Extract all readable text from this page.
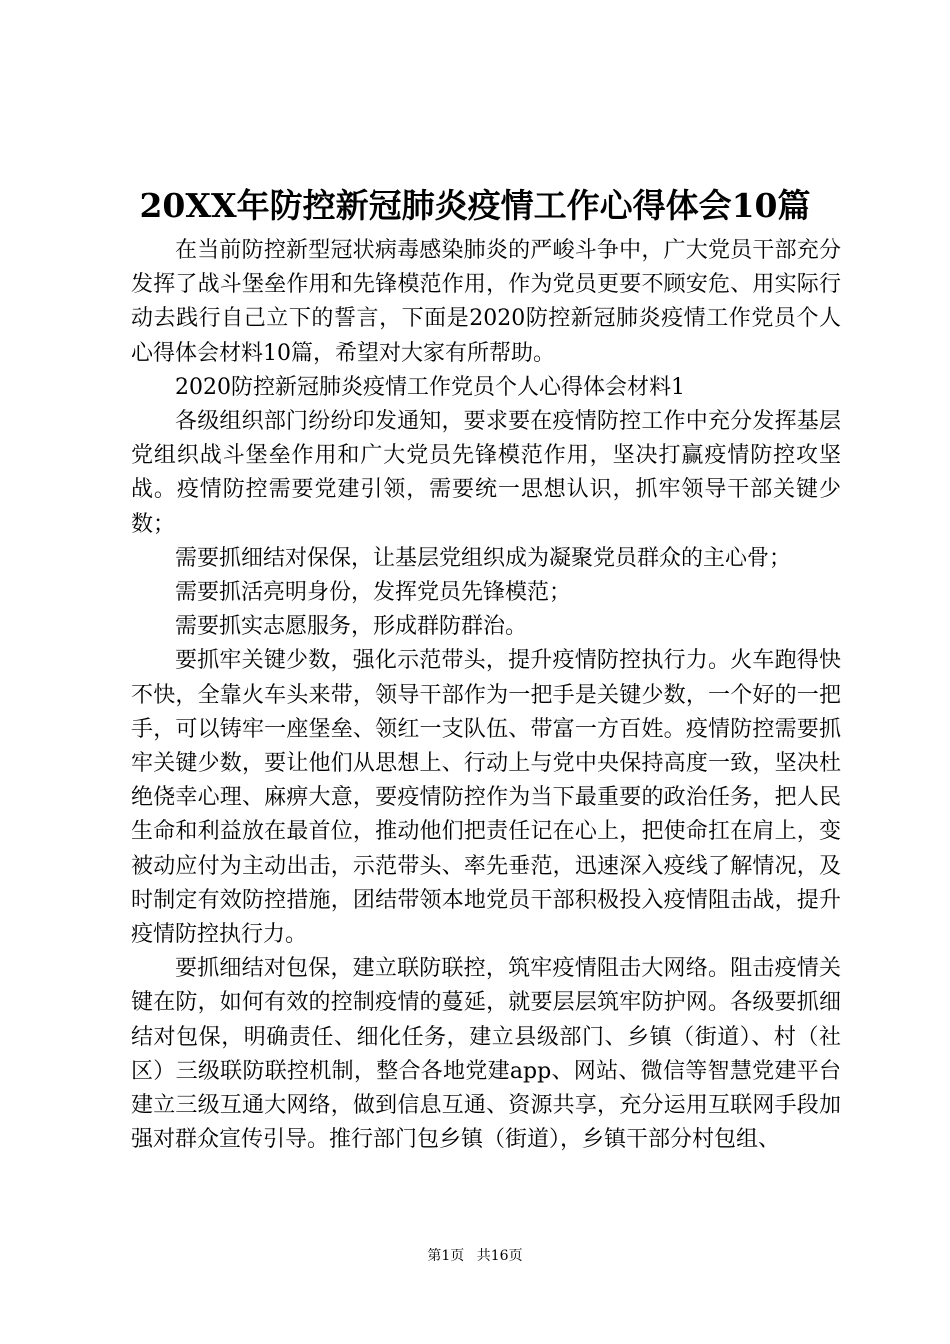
20XX年防控新冠肺炎疫情工作心得体会10篇

在当前防控新型冠状病毒感染肺炎的严峻斗争中，广大党员干部充分发挥了战斗堡垒作用和先锋模范作用，作为党员更要不顾安危、用实际行动去践行自己立下的誓言，下面是2020防控新冠肺炎疫情工作党员个人心得体会材料10篇，希望对大家有所帮助。

2020防控新冠肺炎疫情工作党员个人心得体会材料1

各级组织部门纷纷印发通知，要求要在疫情防控工作中充分发挥基层党组织战斗堡垒作用和广大党员先锋模范作用，坚决打赢疫情防控攻坚战。疫情防控需要党建引领，需要统一思想认识，抓牢领导干部关键少数；

需要抓细结对保保，让基层党组织成为凝聚党员群众的主心骨；

需要抓活亮明身份，发挥党员先锋模范；

需要抓实志愿服务，形成群防群治。

要抓牢关键少数，强化示范带头，提升疫情防控执行力。火车跑得快不快，全靠火车头来带，领导干部作为一把手是关键少数，一个好的一把手，可以铸牢一座堡垒、领红一支队伍、带富一方百姓。疫情防控需要抓牢关键少数，要让他们从思想上、行动上与党中央保持高度一致，坚决杜绝侥幸心理、麻痹大意，要疫情防控作为当下最重要的政治任务，把人民生命和利益放在最首位，推动他们把责任记在心上，把使命扛在肩上，变被动应付为主动出击，示范带头、率先垂范，迅速深入疫线了解情况，及时制定有效防控措施，团结带领本地党员干部积极投入疫情阻击战，提升疫情防控执行力。

要抓细结对包保，建立联防联控，筑牢疫情阻击大网络。阻击疫情关键在防，如何有效的控制疫情的蔓延，就要层层筑牢防护网。各级要抓细结对包保，明确责任、细化任务，建立县级部门、乡镇（街道）、村（社区）三级联防联控机制，整合各地党建app、网站、微信等智慧党建平台建立三级互通大网络，做到信息互通、资源共享，充分运用互联网手段加强对群众宣传引导。推行部门包乡镇（街道），乡镇干部分村包组、

第1页 共16页
